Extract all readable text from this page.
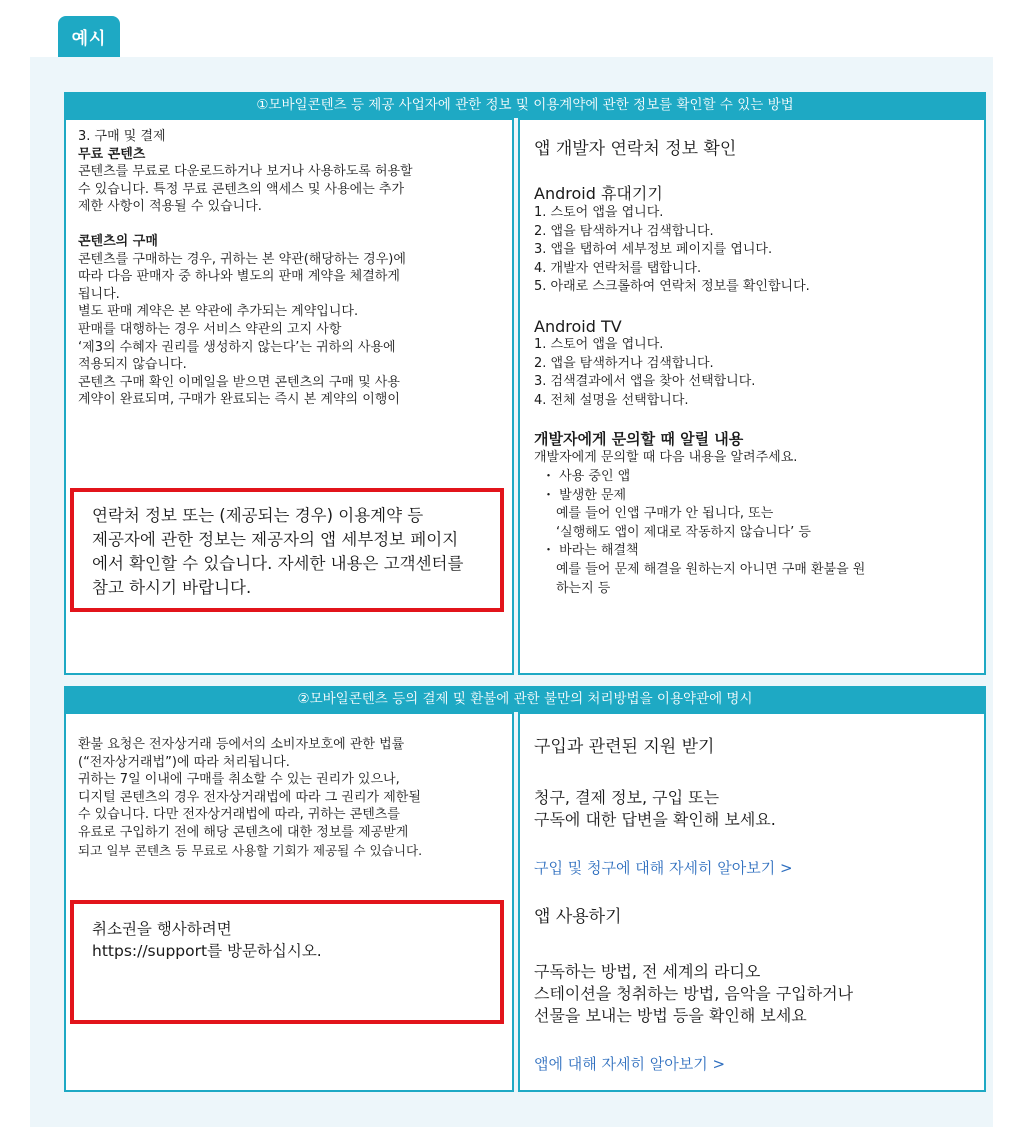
예시
①모바일콘텐츠 등 제공 사업자에 관한 정보 및 이용계약에 관한 정보를 확인할 수 있는 방법

3. 구매 및 결제

무료 콘텐츠

콘텐츠를 무료로 다운로드하거나 보거나 사용하도록 허용할

수 있습니다. 특정 무료 콘텐츠의 액세스 및 사용에는 추가

제한 사항이 적용될 수 있습니다.

콘텐츠의 구매

콘텐츠를 구매하는 경우, 귀하는 본 약관(해당하는 경우)에

따라 다음 판매자 중 하나와 별도의 판매 계약을 체결하게

됩니다.

별도 판매 계약은 본 약관에 추가되는 계약입니다.

판매를 대행하는 경우 서비스 약관의 고지 사항

‘제3의 수혜자 권리를 생성하지 않는다’는 귀하의 사용에

적용되지 않습니다.

콘텐츠 구매 확인 이메일을 받으면 콘텐츠의 구매 및 사용

계약이 완료되며, 구매가 완료되는 즉시 본 계약의 이행이

연락처 정보 또는 (제공되는 경우) 이용계약 등

제공자에 관한 정보는 제공자의 앱 세부정보 페이지

에서 확인할 수 있습니다. 자세한 내용은 고객센터를

참고 하시기 바랍니다.

앱 개발자 연락처 정보 확인

Android 휴대기기

1. 스토어 앱을 엽니다.

2. 앱을 탐색하거나 검색합니다.

3. 앱을 탭하여 세부정보 페이지를 엽니다.

4. 개발자 연락처를 탭합니다.

5. 아래로 스크롤하여 연락처 정보를 확인합니다.

Android TV

1. 스토어 앱을 엽니다.

2. 앱을 탐색하거나 검색합니다.

3. 검색결과에서 앱을 찾아 선택합니다.

4. 전체 설명을 선택합니다.

개발자에게 문의할 때 알릴 내용

개발자에게 문의할 때 다음 내용을 알려주세요.

・ 사용 중인 앱

・ 발생한 문제

예를 들어 인앱 구매가 안 됩니다, 또는

‘실행해도 앱이 제대로 작동하지 않습니다’ 등

・ 바라는 해결책

예를 들어 문제 해결을 원하는지 아니면 구매 환불을 원

하는지 등

②모바일콘텐츠 등의 결제 및 환불에 관한 불만의 처리방법을 이용약관에 명시

환불 요청은 전자상거래 등에서의 소비자보호에 관한 법률

(“전자상거래법”)에 따라 처리됩니다.

귀하는 7일 이내에 구매를 취소할 수 있는 권리가 있으나,

디지털 콘텐츠의 경우 전자상거래법에 따라 그 권리가 제한될

수 있습니다. 다만 전자상거래법에 따라, 귀하는 콘텐츠를

유료로 구입하기 전에 해당 콘텐츠에 대한 정보를 제공받게

되고 일부 콘텐츠 등 무료로 사용할 기회가 제공될 수 있습니다.

취소권을 행사하려면

https://support를 방문하십시오.

구입과 관련된 지원 받기

청구, 결제 정보, 구입 또는

구독에 대한 답변을 확인해 보세요.

구입 및 청구에 대해 자세히 알아보기 >

앱 사용하기

구독하는 방법, 전 세계의 라디오

스테이션을 청취하는 방법, 음악을 구입하거나

선물을 보내는 방법 등을 확인해 보세요

앱에 대해 자세히 알아보기 >
